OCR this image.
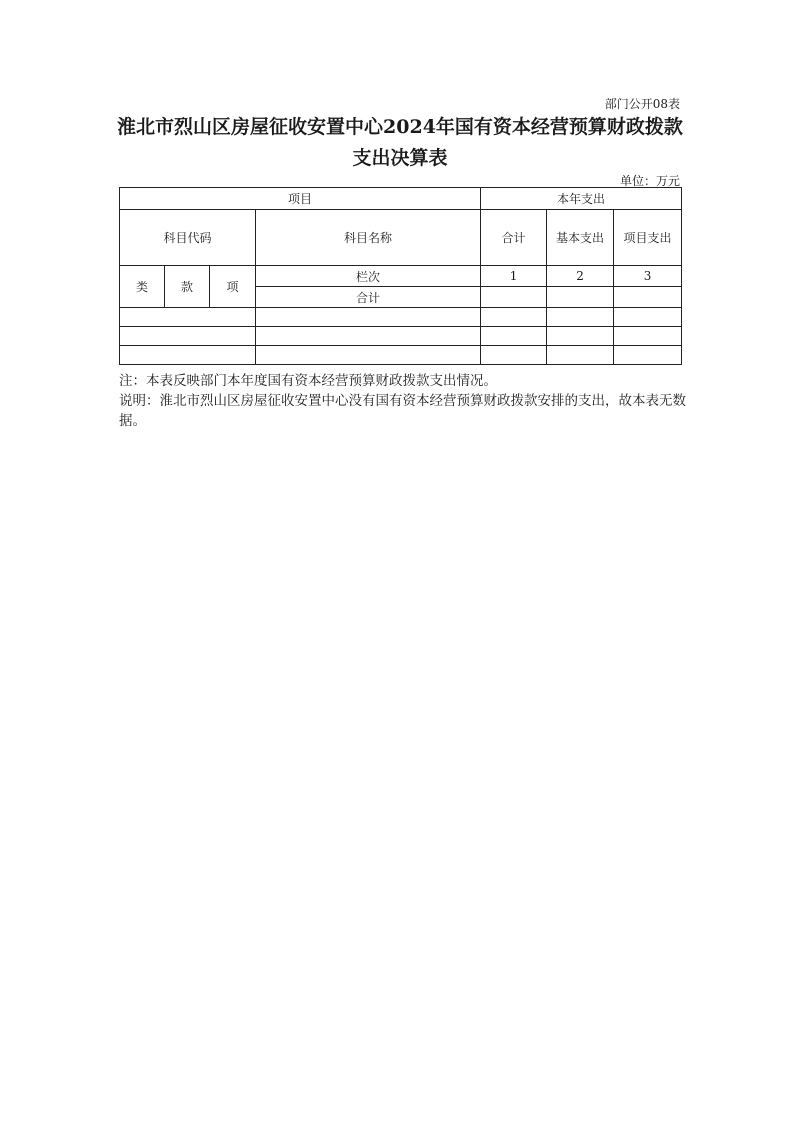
部门公开08表
淮北市烈山区房屋征收安置中心2024年国有资本经营预算财政拨款支出决算表
单位：万元
项目				本年支出		
科目代码			科目名称	合计	基本支出	项目支出
类	款	项	栏次	1	2	3
			合计			

注：本表反映部门本年度国有资本经营预算财政拨款支出情况。

说明：淮北市烈山区房屋征收安置中心没有国有资本经营预算财政拨款安排的支出，故本表无数据。
